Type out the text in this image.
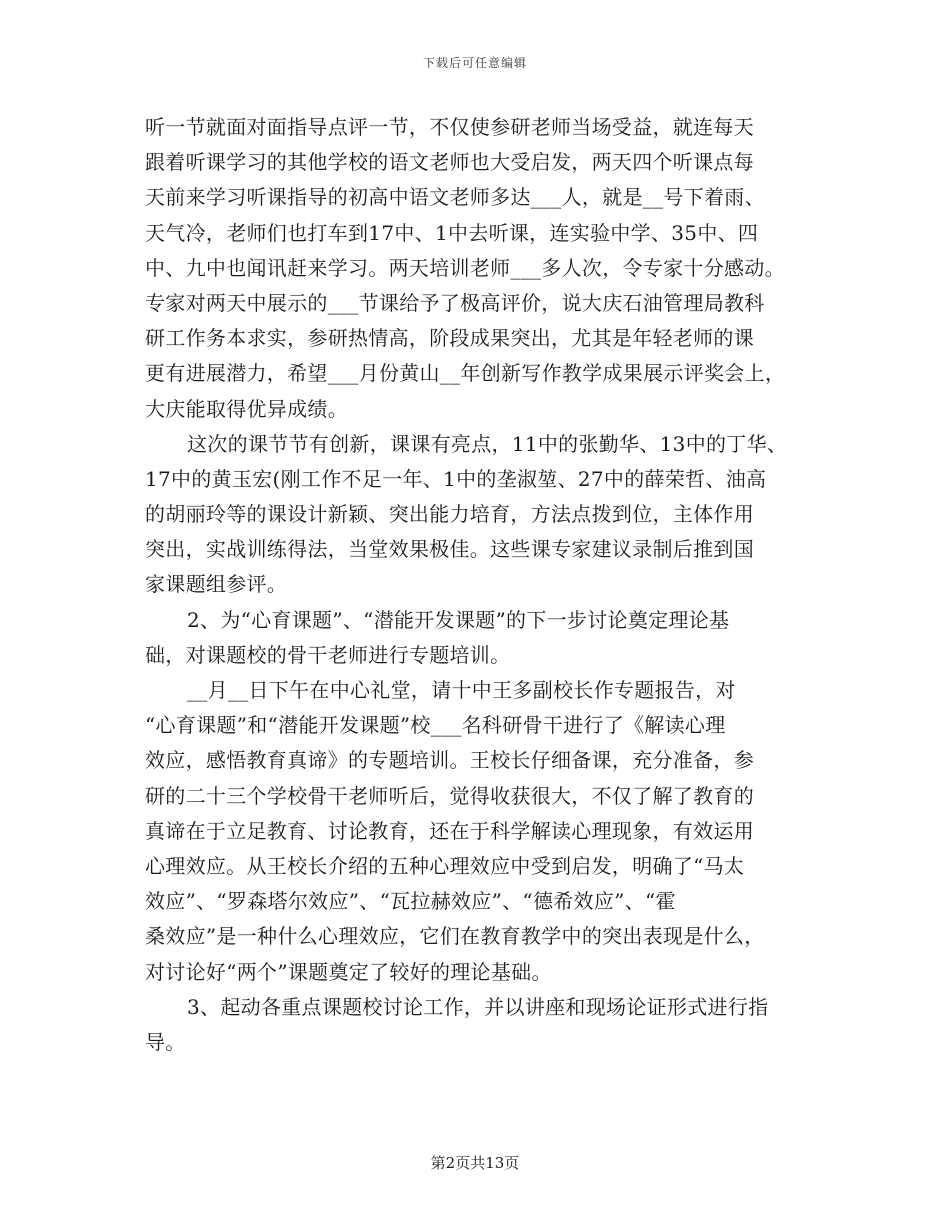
下载后可任意编辑
听一节就面对面指导点评一节，不仅使参研老师当场受益，就连每天
跟着听课学习的其他学校的语文老师也大受启发，两天四个听课点每
天前来学习听课指导的初高中语文老师多达___人，就是__号下着雨、
天气冷，老师们也打车到17中、1中去听课，连实验中学、35中、四
中、九中也闻讯赶来学习。两天培训老师___多人次，令专家十分感动。
专家对两天中展示的___节课给予了极高评价，说大庆石油管理局教科
研工作务本求实，参研热情高，阶段成果突出，尤其是年轻老师的课
更有进展潜力，希望___月份黄山__年创新写作教学成果展示评奖会上，
大庆能取得优异成绩。
这次的课节节有创新，课课有亮点，11中的张勤华、13中的丁华、
17中的黄玉宏(刚工作不足一年、1中的垄淑堃、27中的薛荣哲、油高
的胡丽玲等的课设计新颖、突出能力培育，方法点拨到位，主体作用
突出，实战训练得法，当堂效果极佳。这些课专家建议录制后推到国
家课题组参评。
2、为“心育课题”、“潜能开发课题”的下一步讨论奠定理论基
础，对课题校的骨干老师进行专题培训。
__月__日下午在中心礼堂，请十中王多副校长作专题报告，对
“心育课题”和“潜能开发课题”校___名科研骨干进行了《解读心理
效应，感悟教育真谛》的专题培训。王校长仔细备课，充分准备，参
研的二十三个学校骨干老师听后，觉得收获很大，不仅了解了教育的
真谛在于立足教育、讨论教育，还在于科学解读心理现象，有效运用
心理效应。从王校长介绍的五种心理效应中受到启发，明确了“马太
效应”、“罗森塔尔效应”、“瓦拉赫效应”、“德希效应”、“霍
桑效应”是一种什么心理效应，它们在教育教学中的突出表现是什么，
对讨论好“两个”课题奠定了较好的理论基础。
3、起动各重点课题校讨论工作，并以讲座和现场论证形式进行指
导。
第2页共13页
